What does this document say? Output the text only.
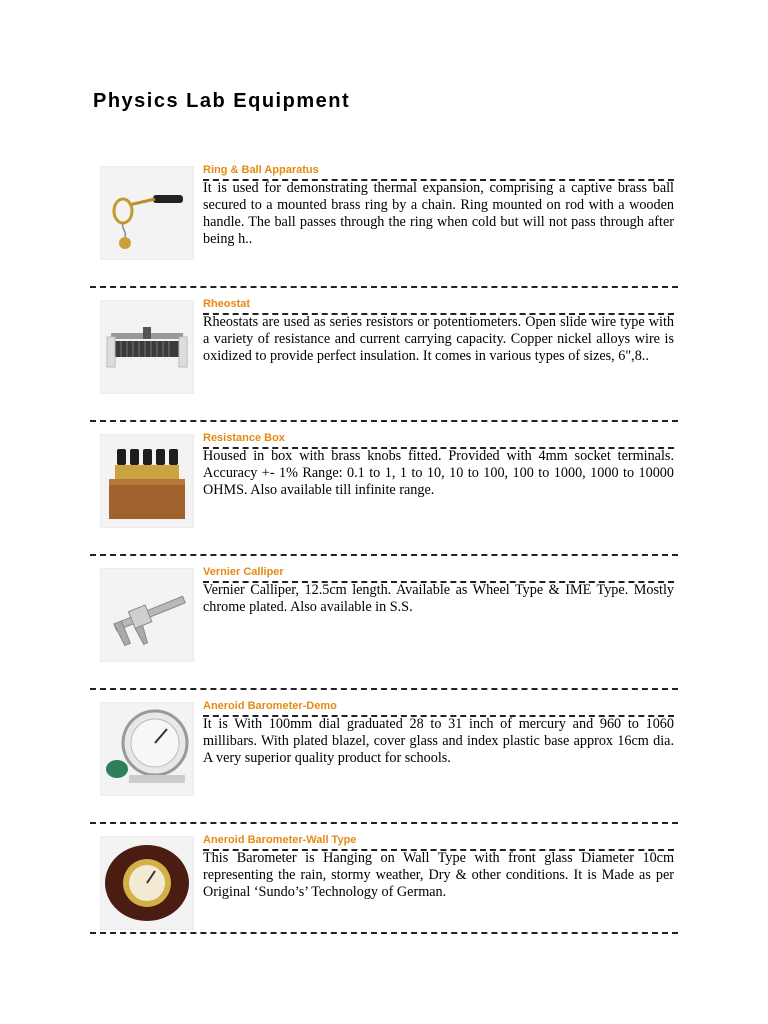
Physics Lab Equipment

Ring & Ball Apparatus

It is used for demonstrating thermal expansion, comprising a captive brass ball secured to a mounted brass ring by a chain. Ring mounted on rod with a wooden handle. The ball passes through the ring when cold but will not pass through after being h..

Rheostat

Rheostats are used as series resistors or potentiometers. Open slide wire type with a variety of resistance and current carrying capacity. Copper nickel alloys wire is oxidized to provide perfect insulation. It comes in various types of sizes, 6",8..

Resistance Box

Housed in box with brass knobs fitted. Provided with 4mm socket terminals. Accuracy +- 1% Range: 0.1 to 1, 1 to 10, 10 to 100, 100 to 1000, 1000 to 10000 OHMS. Also available till infinite range.

Vernier Calliper

Vernier Calliper, 12.5cm length. Available as Wheel Type & IME Type. Mostly chrome plated. Also available in S.S.

Aneroid Barometer-Demo

It is With 100mm dial graduated 28 to 31 inch of mercury and 960 to 1060 millibars. With plated blazel, cover glass and index plastic base approx 16cm dia. A very superior quality product for schools.

Aneroid Barometer-Wall Type

This Barometer is Hanging on Wall Type with front glass Diameter 10cm representing the rain, stormy weather, Dry & other conditions. It is Made as per Original ‘Sundo’s’ Technology of German.
